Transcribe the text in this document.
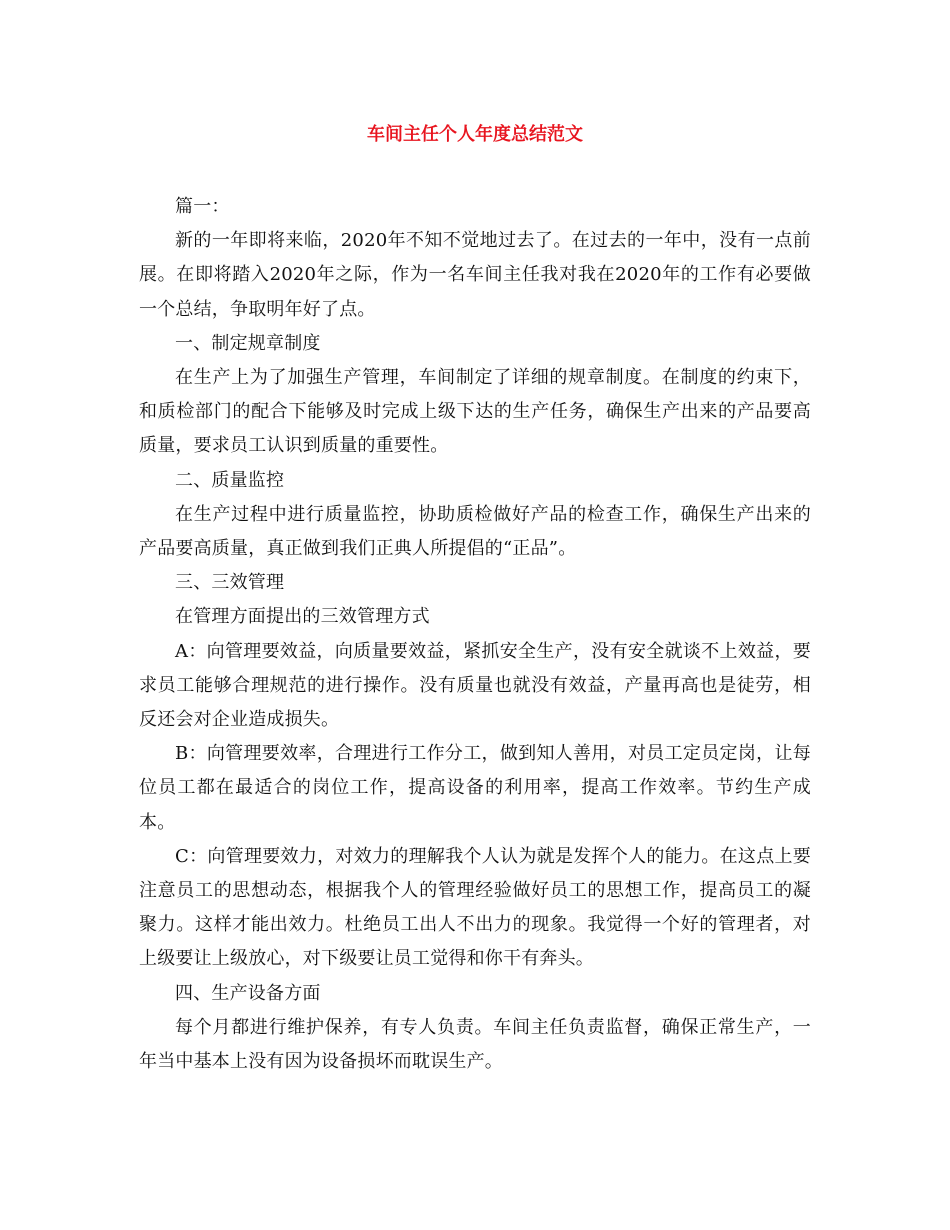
车间主任个人年度总结范文

篇一：

新的一年即将来临，2020年不知不觉地过去了。在过去的一年中，没有一点前展。在即将踏入2020年之际，作为一名车间主任我对我在2020年的工作有必要做一个总结，争取明年好了点。

一、制定规章制度

在生产上为了加强生产管理，车间制定了详细的规章制度。在制度的约束下，和质检部门的配合下能够及时完成上级下达的生产任务，确保生产出来的产品要高质量，要求员工认识到质量的重要性。

二、质量监控

在生产过程中进行质量监控，协助质检做好产品的检查工作，确保生产出来的产品要高质量，真正做到我们正典人所提倡的“正品”。

三、三效管理

在管理方面提出的三效管理方式

A：向管理要效益，向质量要效益，紧抓安全生产，没有安全就谈不上效益，要求员工能够合理规范的进行操作。没有质量也就没有效益，产量再高也是徒劳，相反还会对企业造成损失。

B：向管理要效率，合理进行工作分工，做到知人善用，对员工定员定岗，让每位员工都在最适合的岗位工作，提高设备的利用率，提高工作效率。节约生产成本。

C：向管理要效力，对效力的理解我个人认为就是发挥个人的能力。在这点上要注意员工的思想动态，根据我个人的管理经验做好员工的思想工作，提高员工的凝聚力。这样才能出效力。杜绝员工出人不出力的现象。我觉得一个好的管理者，对上级要让上级放心，对下级要让员工觉得和你干有奔头。

四、生产设备方面

每个月都进行维护保养，有专人负责。车间主任负责监督，确保正常生产，一年当中基本上没有因为设备损坏而耽误生产。
